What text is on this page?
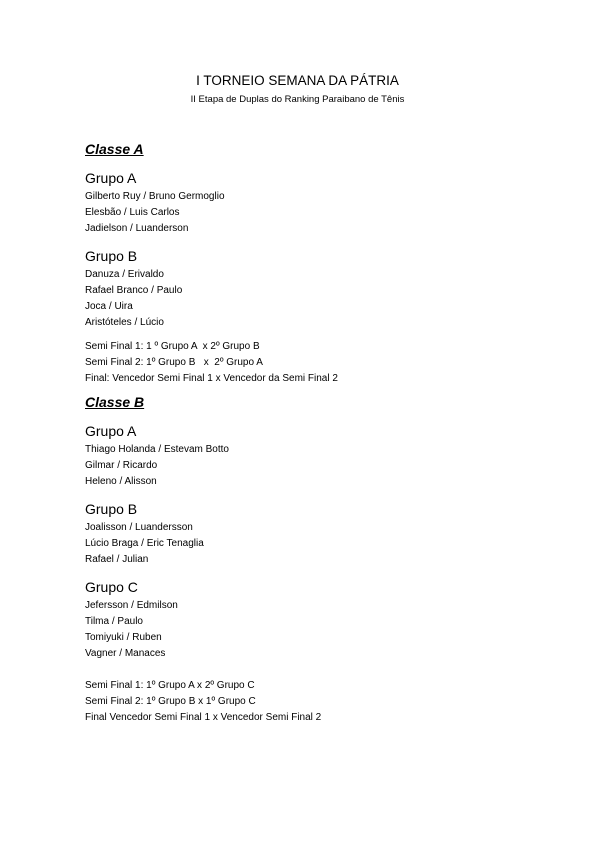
I TORNEIO SEMANA DA PÁTRIA
II Etapa de Duplas do Ranking Paraibano de Tênis
Classe A
Grupo A
Gilberto Ruy / Bruno Germoglio
Elesbão / Luis Carlos
Jadielson / Luanderson
Grupo B
Danuza / Erivaldo
Rafael Branco / Paulo
Joca / Uira
Aristóteles / Lúcio
Semi Final 1: 1 º Grupo A  x 2º Grupo B
Semi Final 2: 1º Grupo B   x  2º Grupo A
Final: Vencedor Semi Final 1 x Vencedor da Semi Final 2
Classe B
Grupo A
Thiago Holanda / Estevam Botto
Gilmar / Ricardo
Heleno / Alisson
Grupo B
Joalisson / Luandersson
Lúcio Braga / Eric Tenaglia
Rafael / Julian
Grupo C
Jefersson / Edmilson
Tilma / Paulo
Tomiyuki / Ruben
Vagner / Manaces
Semi Final 1: 1º Grupo A x 2º Grupo C
Semi Final 2: 1º Grupo B x 1º Grupo C
Final Vencedor Semi Final 1 x Vencedor Semi Final 2
